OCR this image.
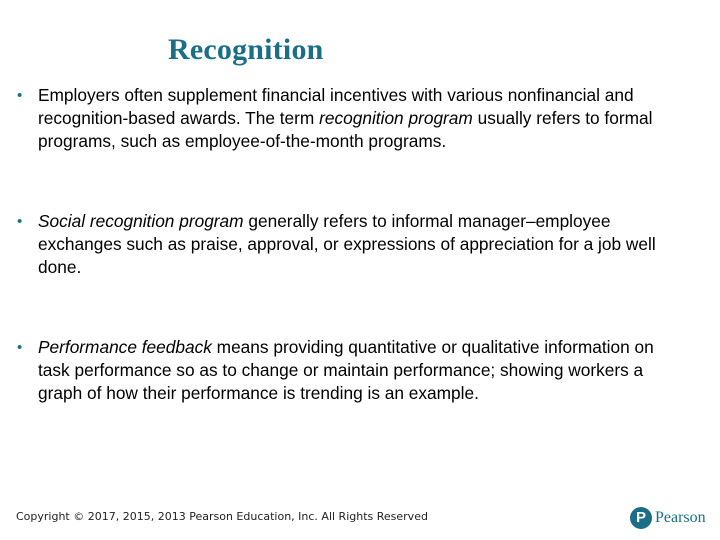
Recognition
• Employers often supplement financial incentives with various nonfinancial and recognition-based awards. The term recognition program usually refers to formal programs, such as employee-of-the-month programs.
• Social recognition program generally refers to informal manager–employee exchanges such as praise, approval, or expressions of appreciation for a job well done.
• Performance feedback means providing quantitative or qualitative information on task performance so as to change or maintain performance; showing workers a graph of how their performance is trending is an example.
Copyright © 2017, 2015, 2013 Pearson Education, Inc. All Rights Reserved	P Pearson
